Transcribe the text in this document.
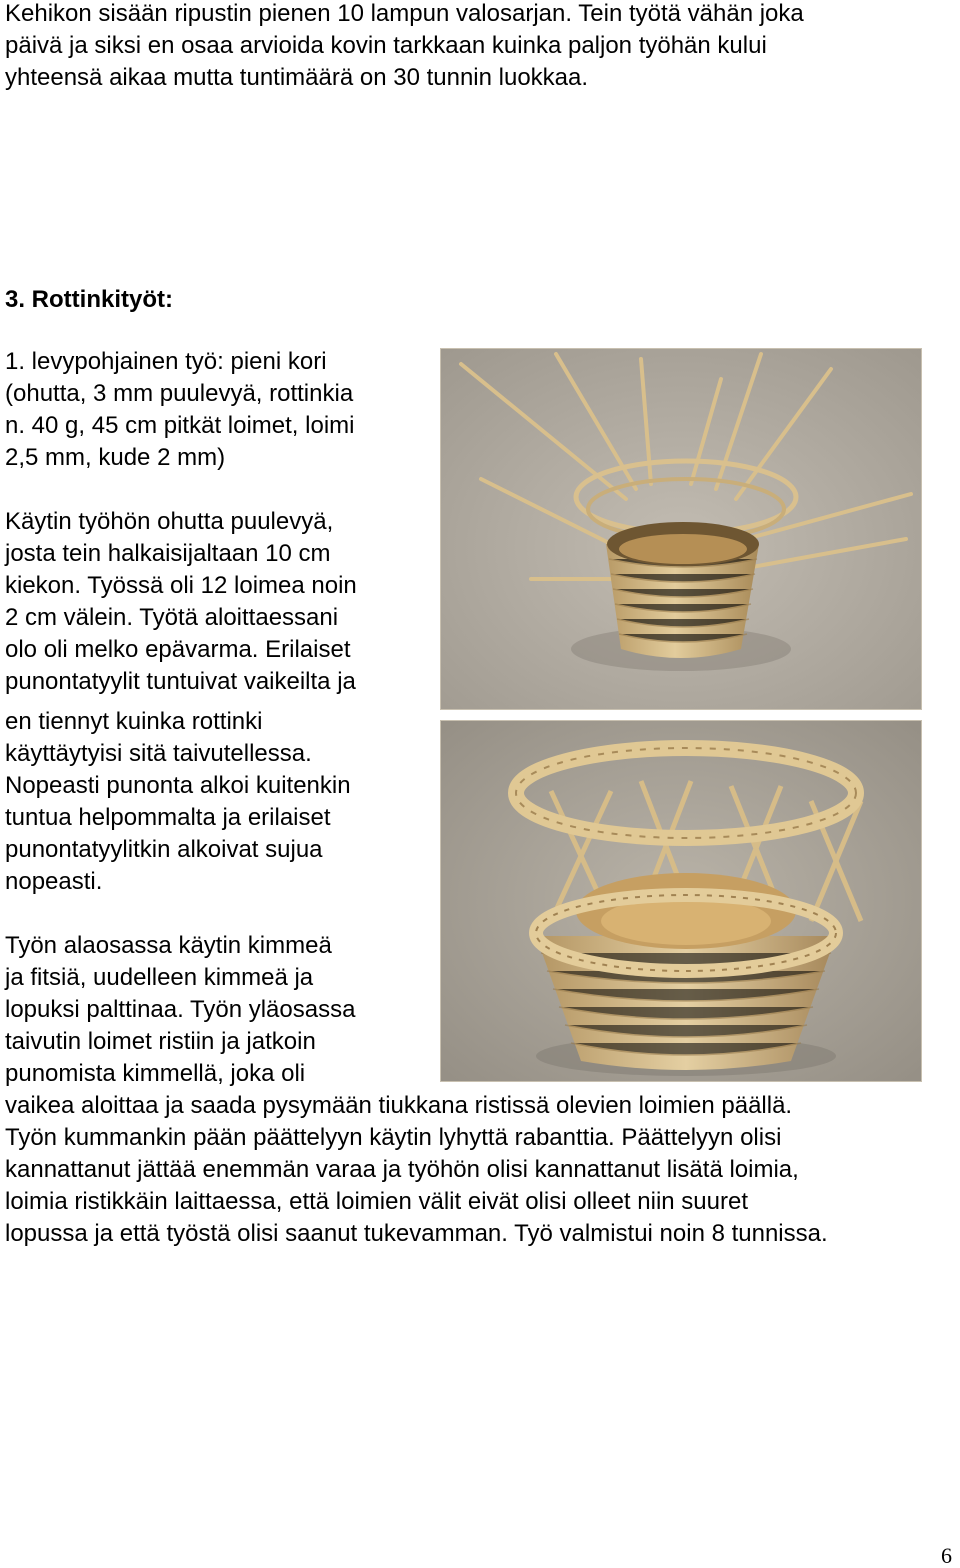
Kehikon sisään ripustin pienen 10 lampun valosarjan. Tein työtä vähän joka

päivä ja siksi en osaa arvioida kovin tarkkaan kuinka paljon työhän kului

yhteensä aikaa mutta tuntimäärä on 30 tunnin luokkaa.

3. Rottinkityöt:

1. levypohjainen työ: pieni kori

(ohutta, 3 mm puulevyä, rottinkia

n. 40 g, 45 cm pitkät loimet, loimi

2,5 mm, kude 2 mm)

Käytin työhön ohutta puulevyä,

josta tein halkaisijaltaan 10 cm

kiekon. Työssä oli 12 loimea noin

2 cm välein. Työtä aloittaessani

olo oli melko epävarma. Erilaiset

punontatyylit tuntuivat vaikeilta ja

en tiennyt kuinka rottinki

käyttäytyisi sitä taivutellessa.

Nopeasti punonta alkoi kuitenkin

tuntua helpommalta ja erilaiset

punontatyylitkin alkoivat sujua

nopeasti.

Työn alaosassa käytin kimmeä

ja fitsiä, uudelleen kimmeä ja

lopuksi palttinaa. Työn yläosassa

taivutin loimet ristiin ja jatkoin

punomista kimmellä, joka oli

vaikea aloittaa ja saada pysymään tiukkana ristissä olevien loimien päällä.

Työn kummankin pään päättelyyn käytin lyhyttä rabanttia. Päättelyyn olisi

kannattanut jättää enemmän varaa ja työhön olisi kannattanut lisätä loimia,

loimia ristikkäin laittaessa, että loimien välit eivät olisi olleet niin suuret

lopussa ja että työstä olisi saanut tukevamman. Työ valmistui noin 8 tunnissa.

6
